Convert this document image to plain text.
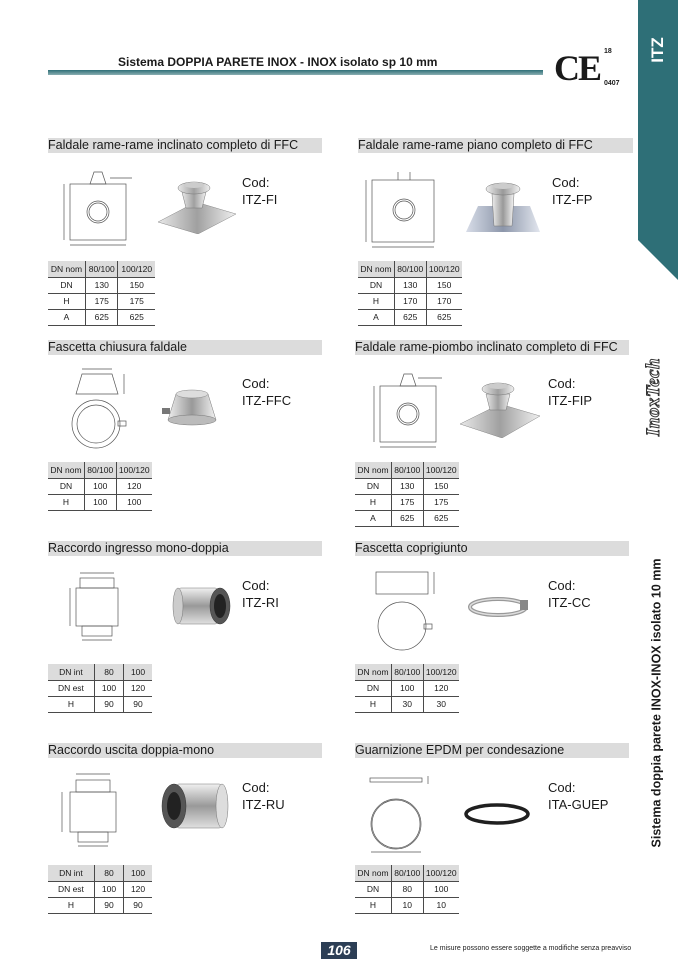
Sistema DOPPIA PARETE INOX - INOX isolato sp 10 mm	CE 18
0407
ITZ
InoxTech
Sistema doppia parete INOX-INOX isolato 10 mm
Faldale rame-rame inclinato completo di FFC
Cod:
ITZ-FI
DN nom	80/100	100/120
DN	130	150
H	175	175
A	625	625
Faldale rame-rame piano completo di FFC
Cod:
ITZ-FP
DN nom	80/100	100/120
DN	130	150
H	170	170
A	625	625
Fascetta chiusura faldale
Cod:
ITZ-FFC
DN nom	80/100	100/120
DN	100	120
H	100	100
Faldale rame-piombo inclinato completo di FFC
Cod:
ITZ-FIP
DN nom	80/100	100/120
DN	130	150
H	175	175
A	625	625
Raccordo ingresso mono-doppia
Cod:
ITZ-RI
DN int	80	100
DN est	100	120
H	90	90
Fascetta coprigiunto
Cod:
ITZ-CC
DN nom	80/100	100/120
DN	100	120
H	30	30
Raccordo uscita doppia-mono
Cod:
ITZ-RU
DN int	80	100
DN est	100	120
H	90	90
Guarnizione EPDM per condesazione
Cod:
ITA-GUEP
DN nom	80/100	100/120
DN	80	100
H	10	10
106	Le misure possono essere soggette a modifiche senza preavviso
